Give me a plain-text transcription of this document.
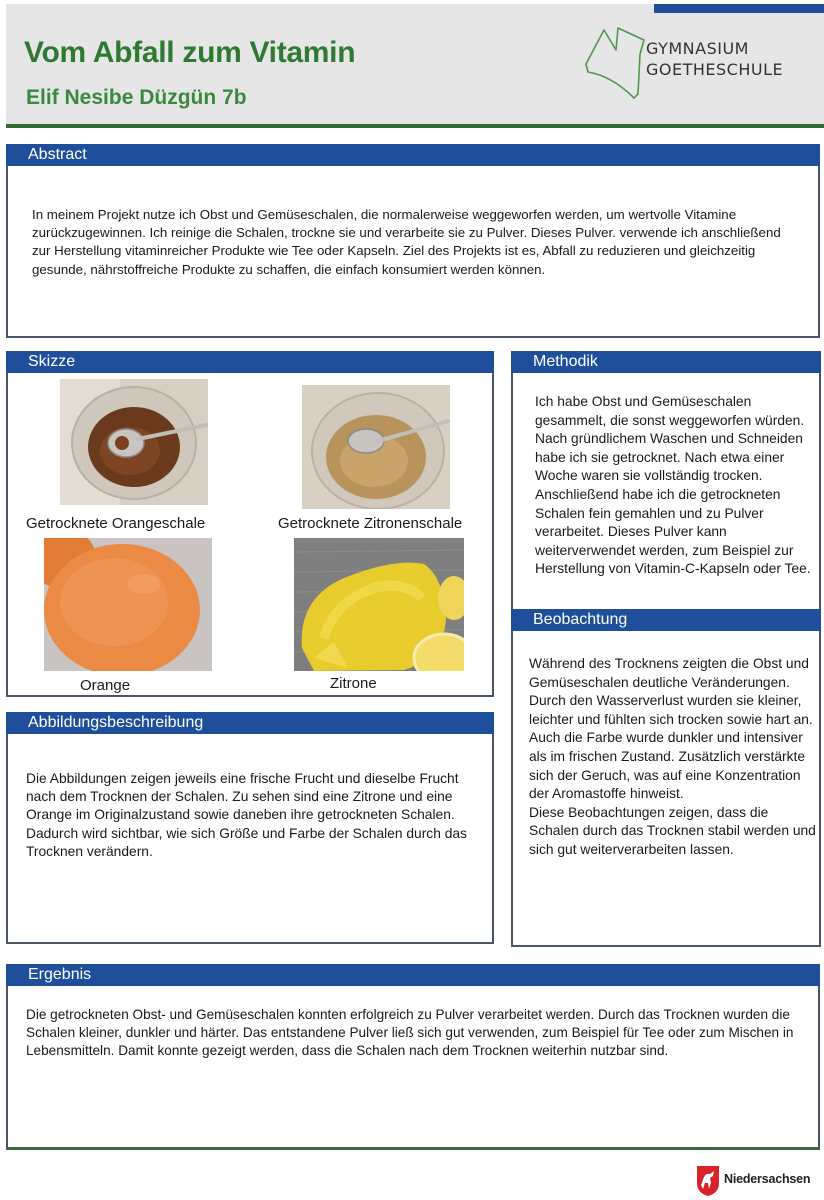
Vom Abfall zum Vitamin
Elif Nesibe Düzgün 7b
GYMNASIUM
GOETHESCHULE
Abstract
In meinem Projekt nutze ich Obst und Gemüseschalen, die normalerweise weggeworfen werden, um wertvolle Vitamine zurückzugewinnen. Ich reinige die Schalen, trockne sie und verarbeite sie zu Pulver. Dieses Pulver. verwende ich anschließend zur Herstellung vitaminreicher Produkte wie Tee oder Kapseln. Ziel des Projekts ist es, Abfall zu reduzieren und gleichzeitig gesunde, nährstoffreiche Produkte zu schaffen, die einfach konsumiert werden können.
Skizze
Getrocknete Orangeschale	Getrocknete Zitronenschale
Orange	Zitrone
Methodik
Ich habe Obst und Gemüseschalen gesammelt, die sonst weggeworfen würden. Nach gründlichem Waschen und Schneiden habe ich sie getrocknet. Nach etwa einer Woche waren sie vollständig trocken. Anschließend habe ich die getrockneten Schalen fein gemahlen und zu Pulver verarbeitet. Dieses Pulver kann weiterverwendet werden, zum Beispiel zur Herstellung von Vitamin-C-Kapseln oder Tee.
Beobachtung
Während des Trocknens zeigten die Obst und Gemüseschalen deutliche Veränderungen. Durch den Wasserverlust wurden sie kleiner, leichter und fühlten sich trocken sowie hart an. Auch die Farbe wurde dunkler und intensiver als im frischen Zustand. Zusätzlich verstärkte sich der Geruch, was auf eine Konzentration der Aromastoffe hinweist.
Diese Beobachtungen zeigen, dass die Schalen durch das Trocknen stabil werden und sich gut weiterverarbeiten lassen.
Abbildungsbeschreibung
Die Abbildungen zeigen jeweils eine frische Frucht und dieselbe Frucht nach dem Trocknen der Schalen. Zu sehen sind eine Zitrone und eine Orange im Originalzustand sowie daneben ihre getrockneten Schalen. Dadurch wird sichtbar, wie sich Größe und Farbe der Schalen durch das Trocknen verändern.
Ergebnis
Die getrockneten Obst- und Gemüseschalen konnten erfolgreich zu Pulver verarbeitet werden. Durch das Trocknen wurden die Schalen kleiner, dunkler und härter. Das entstandene Pulver ließ sich gut verwenden, zum Beispiel für Tee oder zum Mischen in Lebensmitteln. Damit konnte gezeigt werden, dass die Schalen nach dem Trocknen weiterhin nutzbar sind.
Niedersachsen
